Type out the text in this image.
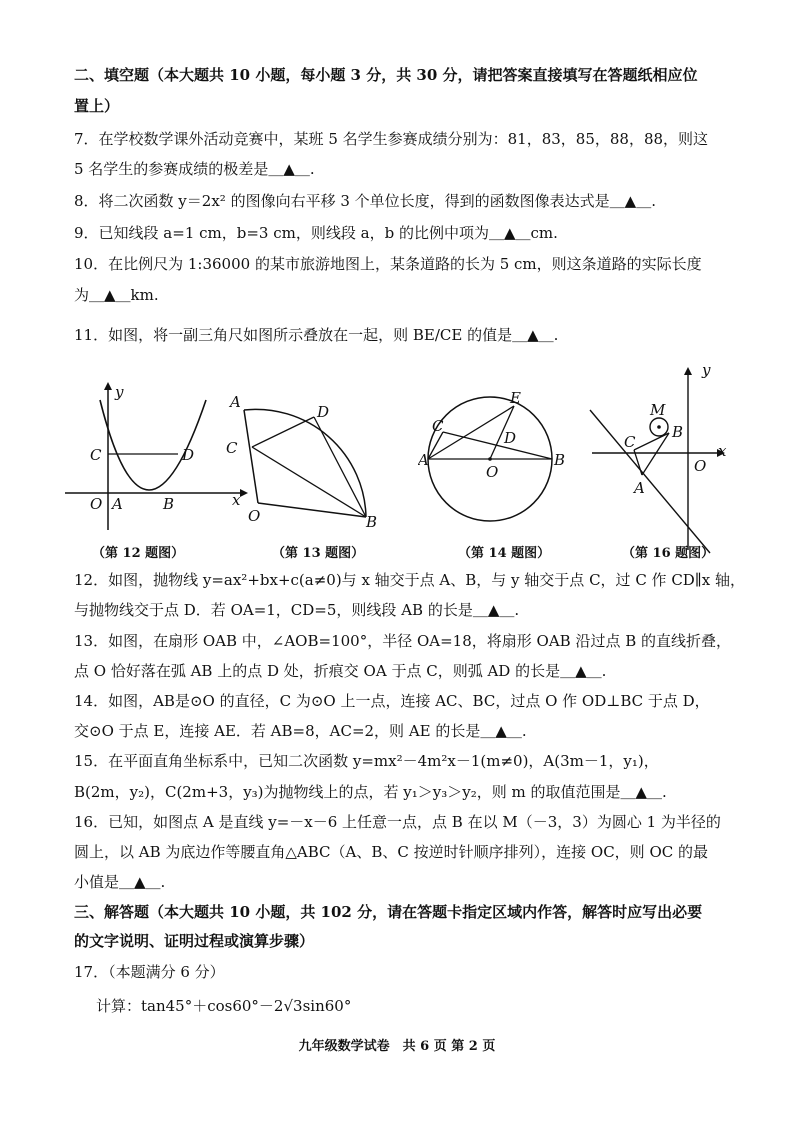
二、填空题（本大题共 10 小题，每小题 3 分，共 30 分，请把答案直接填写在答题纸相应位
置上）
7．在学校数学课外活动竞赛中，某班 5 名学生参赛成绩分别为：81，83，85，88，88，则这
5 名学生的参赛成绩的极差是＿▲＿.
8．将二次函数 y＝2x² 的图像向右平移 3 个单位长度，得到的函数图像表达式是＿▲＿.
9．已知线段 a=1 cm，b=3 cm，则线段 a，b 的比例中项为＿▲＿cm.
10．在比例尺为 1:36000 的某市旅游地图上，某条道路的长为 5 cm，则这条道路的实际长度
为＿▲＿km.
11．如图，将一副三角尺如图所示叠放在一起，则 BE/CE 的值是＿▲＿.
y
C	D
O A	B	x
（第 12 题图）
A
D
C
O	B
（第 13 题图）
E
C
D
A
O
B
（第 14 题图）
y
M
B
C	x
O
A
（第 16 题图）
12．如图，抛物线 y=ax²+bx+c(a≠0)与 x 轴交于点 A、B，与 y 轴交于点 C，过 C 作 CD∥x 轴，
与抛物线交于点 D．若 OA=1，CD=5，则线段 AB 的长是＿▲＿.
13．如图，在扇形 OAB 中，∠AOB=100°，半径 OA=18，将扇形 OAB 沿过点 B 的直线折叠，
点 O 恰好落在弧 AB 上的点 D 处，折痕交 OA 于点 C，则弧 AD 的长是＿▲＿.
14．如图，AB是⊙O 的直径，C 为⊙O 上一点，连接 AC、BC，过点 O 作 OD⊥BC 于点 D，
交⊙O 于点 E，连接 AE．若 AB=8，AC=2，则 AE 的长是＿▲＿.
15．在平面直角坐标系中，已知二次函数 y=mx²－4m²x－1(m≠0)，A(3m－1，y₁)，
B(2m，y₂)，C(2m+3，y₃)为抛物线上的点，若 y₁＞y₃＞y₂，则 m 的取值范围是＿▲＿.
16．已知，如图点 A 是直线 y=－x－6 上任意一点，点 B 在以 M（－3，3）为圆心 1 为半径的
圆上，以 AB 为底边作等腰直角△ABC（A、B、C 按逆时针顺序排列），连接 OC，则 OC 的最
小值是＿▲＿.
三、解答题（本大题共 10 小题，共 102 分，请在答题卡指定区域内作答，解答时应写出必要
的文字说明、证明过程或演算步骤）
17．（本题满分 6 分）
计算：tan45°＋cos60°－2√3sin60°
九年级数学试卷　共 6 页 第 2 页
